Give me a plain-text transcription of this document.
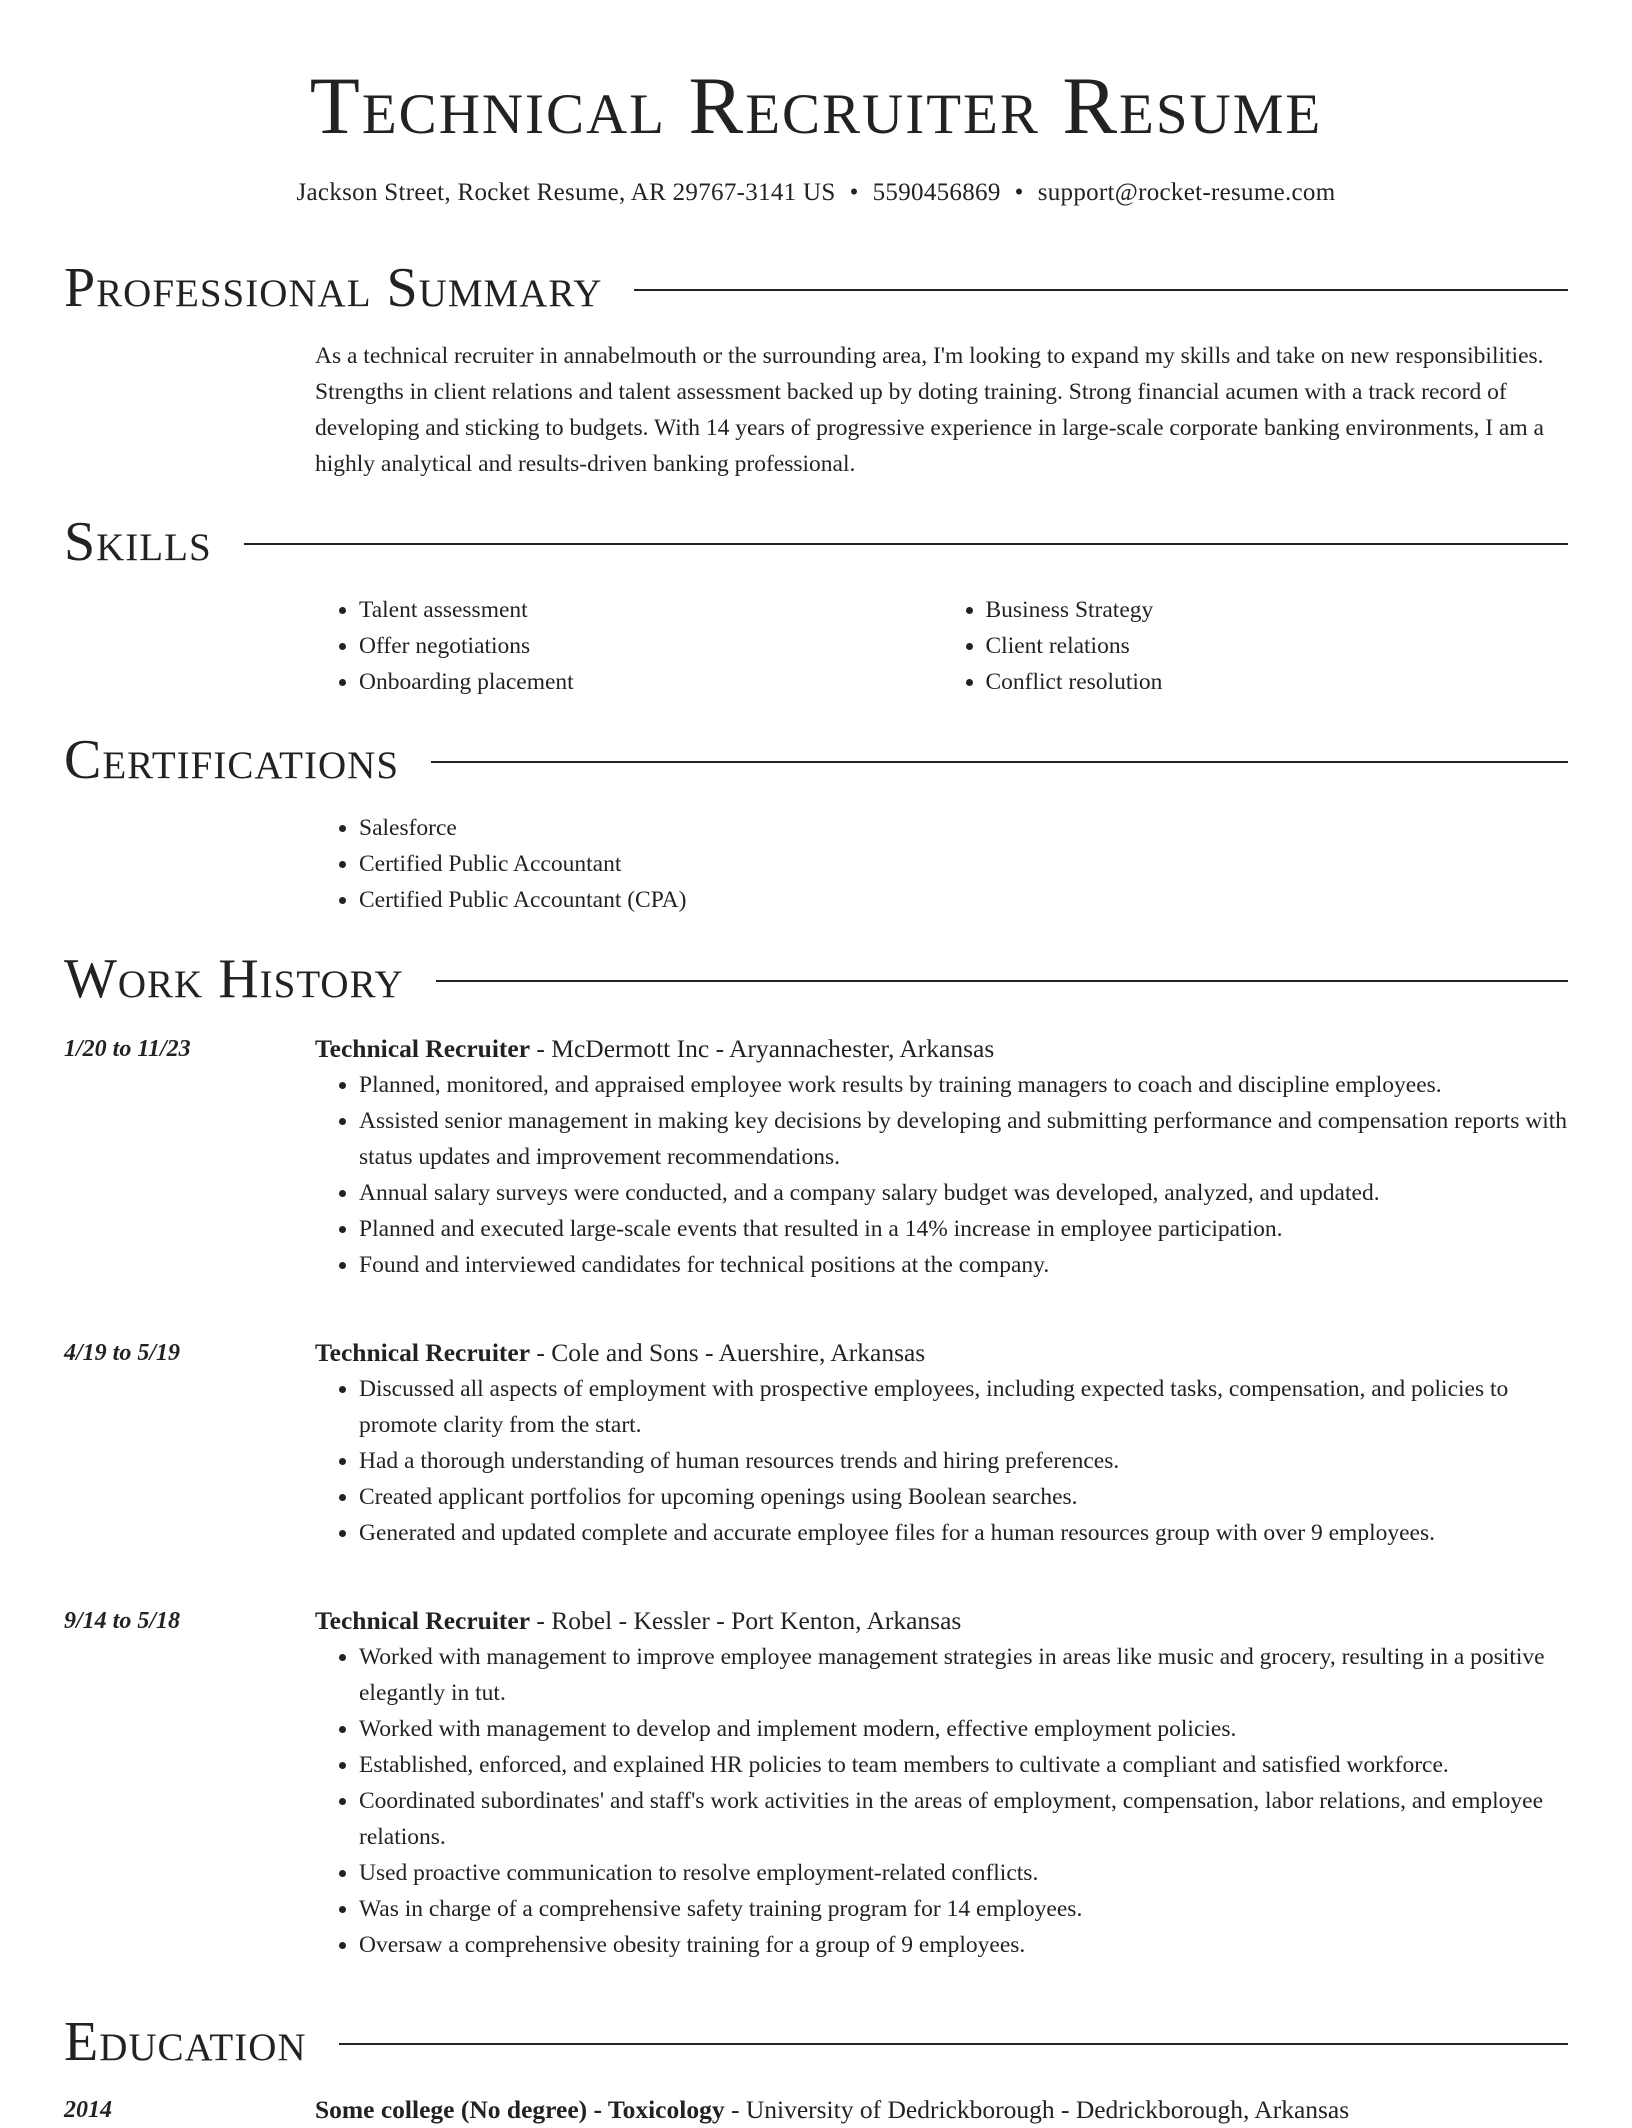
Technical Recruiter Resume
Jackson Street, Rocket Resume, AR 29767-3141 US • 5590456869 • support@rocket-resume.com
Professional Summary

As a technical recruiter in annabelmouth or the surrounding area, I'm looking to expand my skills and take on new responsibilities. Strengths in client relations and talent assessment backed up by doting training. Strong financial acumen with a track record of developing and sticking to budgets. With 14 years of progressive experience in large-scale corporate banking environments, I am a highly analytical and results-driven banking professional.

Skills
• Talent assessment
• Offer negotiations
• Onboarding placement
• Business Strategy
• Client relations
• Conflict resolution
Certifications
• Salesforce
• Certified Public Accountant
• Certified Public Accountant (CPA)
Work History
1/20 to 11/23	Technical Recruiter - McDermott Inc - Aryannachester, Arkansas

• Planned, monitored, and appraised employee work results by training managers to coach and discipline employees.
• Assisted senior management in making key decisions by developing and submitting performance and compensation reports with status updates and improvement recommendations.
• Annual salary surveys were conducted, and a company salary budget was developed, analyzed, and updated.
• Planned and executed large-scale events that resulted in a 14% increase in employee participation.
• Found and interviewed candidates for technical positions at the company.
4/19 to 5/19	Technical Recruiter - Cole and Sons - Auershire, Arkansas

• Discussed all aspects of employment with prospective employees, including expected tasks, compensation, and policies to promote clarity from the start.
• Had a thorough understanding of human resources trends and hiring preferences.
• Created applicant portfolios for upcoming openings using Boolean searches.
• Generated and updated complete and accurate employee files for a human resources group with over 9 employees.
9/14 to 5/18	Technical Recruiter - Robel - Kessler - Port Kenton, Arkansas

• Worked with management to improve employee management strategies in areas like music and grocery, resulting in a positive elegantly in tut.
• Worked with management to develop and implement modern, effective employment policies.
• Established, enforced, and explained HR policies to team members to cultivate a compliant and satisfied workforce.
• Coordinated subordinates' and staff's work activities in the areas of employment, compensation, labor relations, and employee relations.
• Used proactive communication to resolve employment-related conflicts.
• Was in charge of a comprehensive safety training program for 14 employees.
• Oversaw a comprehensive obesity training for a group of 9 employees.
Education
2014	Some college (No degree) - Toxicology - University of Dedrickborough - Dedrickborough, Arkansas
